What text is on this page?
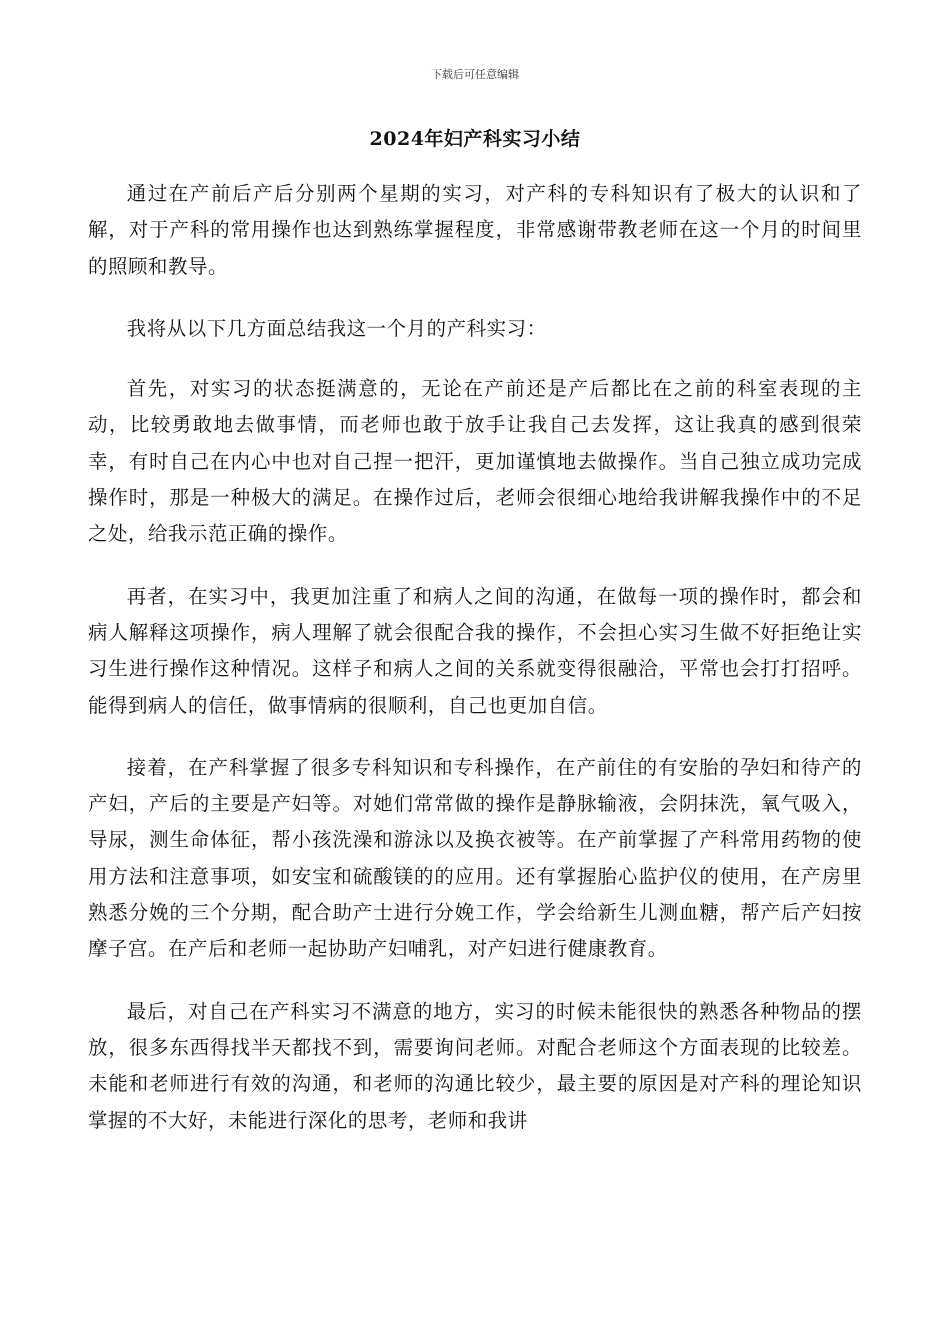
下载后可任意编辑
2024年妇产科实习小结

通过在产前后产后分别两个星期的实习，对产科的专科知识有了极大的认识和了解，对于产科的常用操作也达到熟练掌握程度，非常感谢带教老师在这一个月的时间里的照顾和教导。

我将从以下几方面总结我这一个月的产科实习：

首先，对实习的状态挺满意的，无论在产前还是产后都比在之前的科室表现的主动，比较勇敢地去做事情，而老师也敢于放手让我自己去发挥，这让我真的感到很荣幸，有时自己在内心中也对自己捏一把汗，更加谨慎地去做操作。当自己独立成功完成操作时，那是一种极大的满足。在操作过后，老师会很细心地给我讲解我操作中的不足之处，给我示范正确的操作。

再者，在实习中，我更加注重了和病人之间的沟通，在做每一项的操作时，都会和病人解释这项操作，病人理解了就会很配合我的操作，不会担心实习生做不好拒绝让实习生进行操作这种情况。这样子和病人之间的关系就变得很融洽，平常也会打打招呼。能得到病人的信任，做事情病的很顺利，自己也更加自信。

接着，在产科掌握了很多专科知识和专科操作，在产前住的有安胎的孕妇和待产的产妇，产后的主要是产妇等。对她们常常做的操作是静脉输液，会阴抹洗，氧气吸入，导尿，测生命体征，帮小孩洗澡和游泳以及换衣被等。在产前掌握了产科常用药物的使用方法和注意事项，如安宝和硫酸镁的的应用。还有掌握胎心监护仪的使用，在产房里熟悉分娩的三个分期，配合助产士进行分娩工作，学会给新生儿测血糖，帮产后产妇按摩子宫。在产后和老师一起协助产妇哺乳，对产妇进行健康教育。

最后，对自己在产科实习不满意的地方，实习的时候未能很快的熟悉各种物品的摆放，很多东西得找半天都找不到，需要询问老师。对配合老师这个方面表现的比较差。未能和老师进行有效的沟通，和老师的沟通比较少，最主要的原因是对产科的理论知识掌握的不大好，未能进行深化的思考，老师和我讲
